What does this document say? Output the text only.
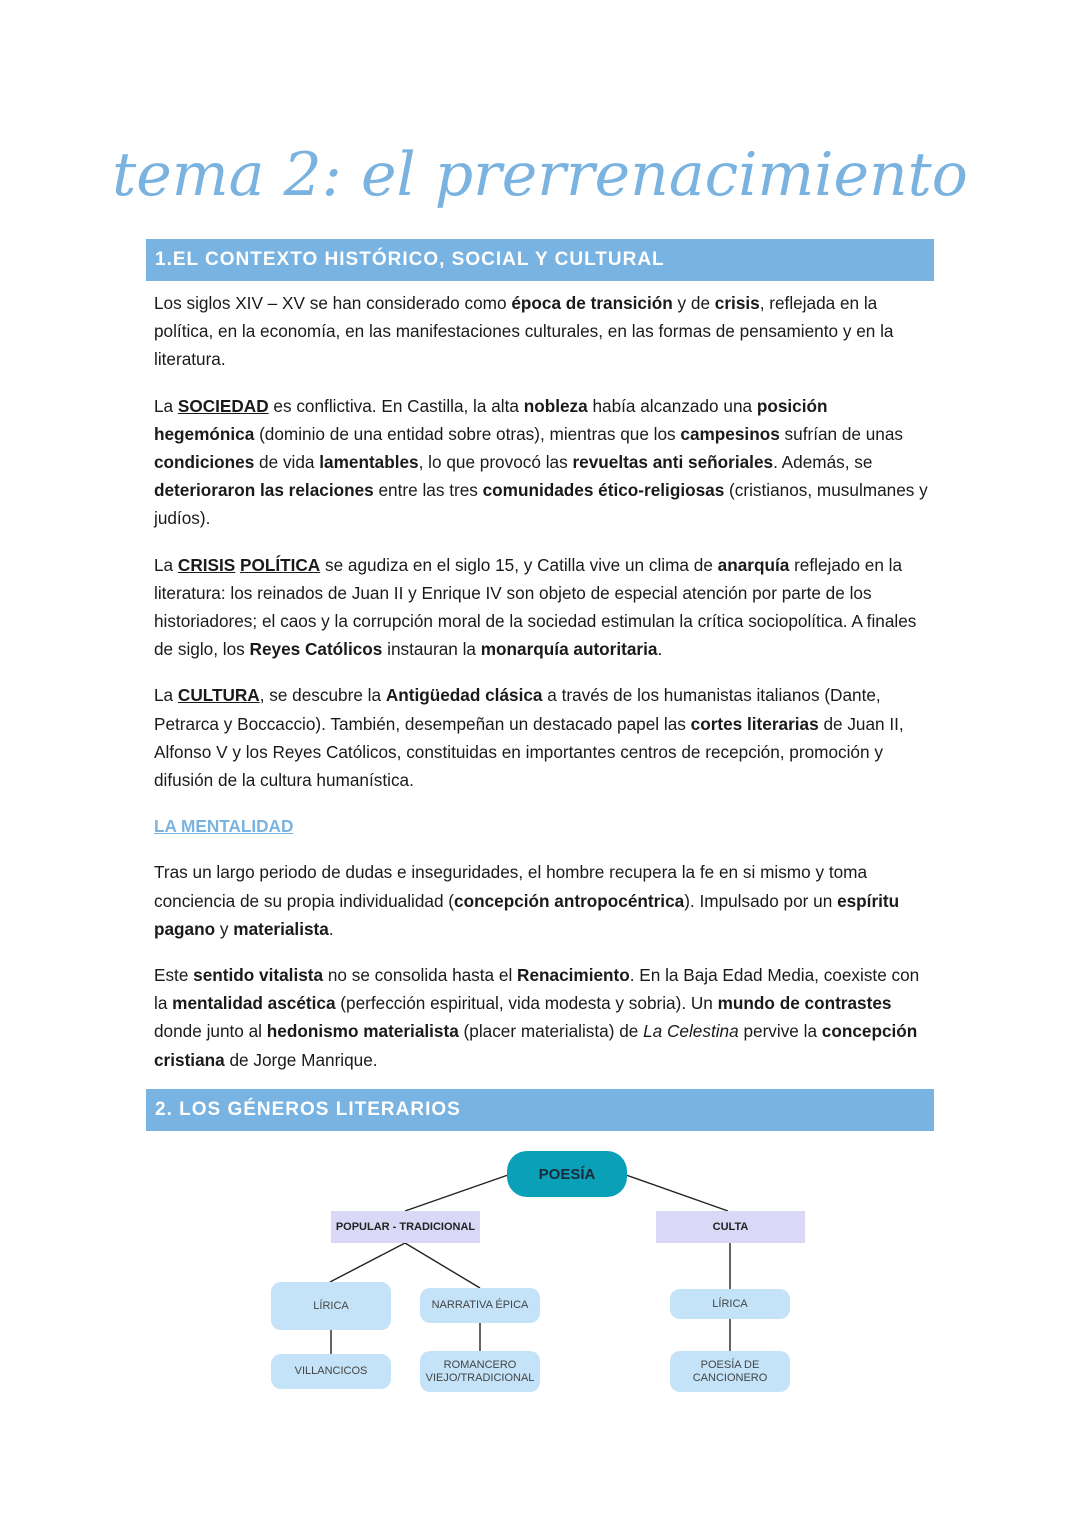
tema 2: el prerrenacimiento
1.EL CONTEXTO HISTÓRICO, SOCIAL Y CULTURAL

Los siglos XIV – XV se han considerado como época de transición y de crisis, reflejada en la política, en la economía, en las manifestaciones culturales, en las formas de pensamiento y en la literatura.

La SOCIEDAD es conflictiva. En Castilla, la alta nobleza había alcanzado una posición hegemónica (dominio de una entidad sobre otras), mientras que los campesinos sufrían de unas condiciones de vida lamentables, lo que provocó las revueltas anti señoriales. Además, se deterioraron las relaciones entre las tres comunidades ético-religiosas (cristianos, musulmanes y judíos).

La CRISIS POLÍTICA se agudiza en el siglo 15, y Catilla vive un clima de anarquía reflejado en la literatura: los reinados de Juan II y Enrique IV son objeto de especial atención por parte de los historiadores; el caos y la corrupción moral de la sociedad estimulan la crítica sociopolítica. A finales de siglo, los Reyes Católicos instauran la monarquía autoritaria.

La CULTURA, se descubre la Antigüedad clásica a través de los humanistas italianos (Dante, Petrarca y Boccaccio). También, desempeñan un destacado papel las cortes literarias de Juan II, Alfonso V y los Reyes Católicos, constituidas en importantes centros de recepción, promoción y difusión de la cultura humanística.

LA MENTALIDAD

Tras un largo periodo de dudas e inseguridades, el hombre recupera la fe en si mismo y toma conciencia de su propia individualidad (concepción antropocéntrica). Impulsado por un espíritu pagano y materialista.

Este sentido vitalista no se consolida hasta el Renacimiento. En la Baja Edad Media, coexiste con la mentalidad ascética (perfección espiritual, vida modesta y sobria). Un mundo de contrastes donde junto al hedonismo materialista (placer materialista) de La Celestina pervive la concepción cristiana de Jorge Manrique.

2. LOS GÉNEROS LITERARIOS
POESÍA
POPULAR - TRADICIONAL	CULTA
LÍRICA	NARRATIVA ÉPICA
VILLANCICOS
ROMANCERO VIEJO/TRADICIONAL
LÍRICA
POESÍA DE CANCIONERO
